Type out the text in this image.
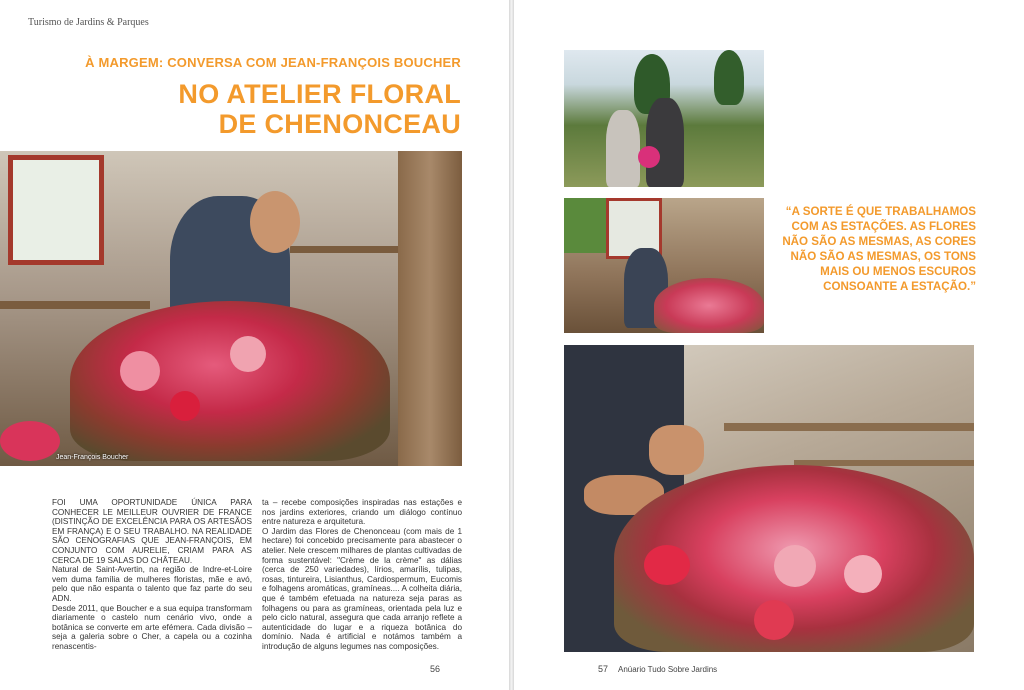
Turismo de Jardins & Parques
À MARGEM: CONVERSA COM JEAN-FRANÇOIS BOUCHER
NO ATELIER FLORAL
DE CHENONCEAU
Jean-François Boucher

FOI UMA OPORTUNIDADE ÚNICA PARA CONHECER LE MEILLEUR OUVRIER DE FRANCE (DISTINÇÃO DE EXCELÊNCIA PARA OS ARTESÃOS EM FRANÇA) E O SEU TRABALHO. NA REALIDADE SÃO CENOGRAFIAS QUE JEAN-FRANÇOIS, EM CONJUNTO COM AURELIE, CRIAM PARA AS CERCA DE 19 SALAS DO CHÂTEAU.

Natural de Saint-Avertin, na região de Indre-et-Loire vem duma família de mulheres floristas, mãe e avó, pelo que não espanta o talento que faz parte do seu ADN.

Desde 2011, que Boucher e a sua equipa transformam diariamente o castelo num cenário vivo, onde a botânica se converte em arte efémera. Cada divisão – seja a galeria sobre o Cher, a capela ou a cozinha renascentis-

ta – recebe composições inspiradas nas estações e nos jardins exteriores, criando um diálogo contínuo entre natureza e arquitetura.

O Jardim das Flores de Chenonceau (com mais de 1 hectare) foi concebido precisamente para abastecer o atelier. Nele crescem milhares de plantas cultivadas de forma sustentável: "Crème de la crème" as dálias (cerca de 250 variedades), lírios, amarílis, tulipas, rosas, tintureira, Lisianthus, Cardiospermum, Eucomis e folhagens aromáticas, gramíneas.... A colheita diária, que é também efetuada na natureza seja paras as folhagens ou para as gramíneas, orientada pela luz e pelo ciclo natural, assegura que cada arranjo reflete a autenticidade do lugar e a riqueza botânica do domínio. Nada é artificial e notámos também a introdução de alguns legumes nas composições.

56
“A SORTE É QUE TRABALHAMOS COM AS ESTAÇÕES. AS FLORES NÃO SÃO AS MESMAS, AS CORES NÃO SÃO AS MESMAS, OS TONS MAIS OU MENOS ESCUROS CONSOANTE A ESTAÇÃO.”
57 Anúario Tudo Sobre Jardins
